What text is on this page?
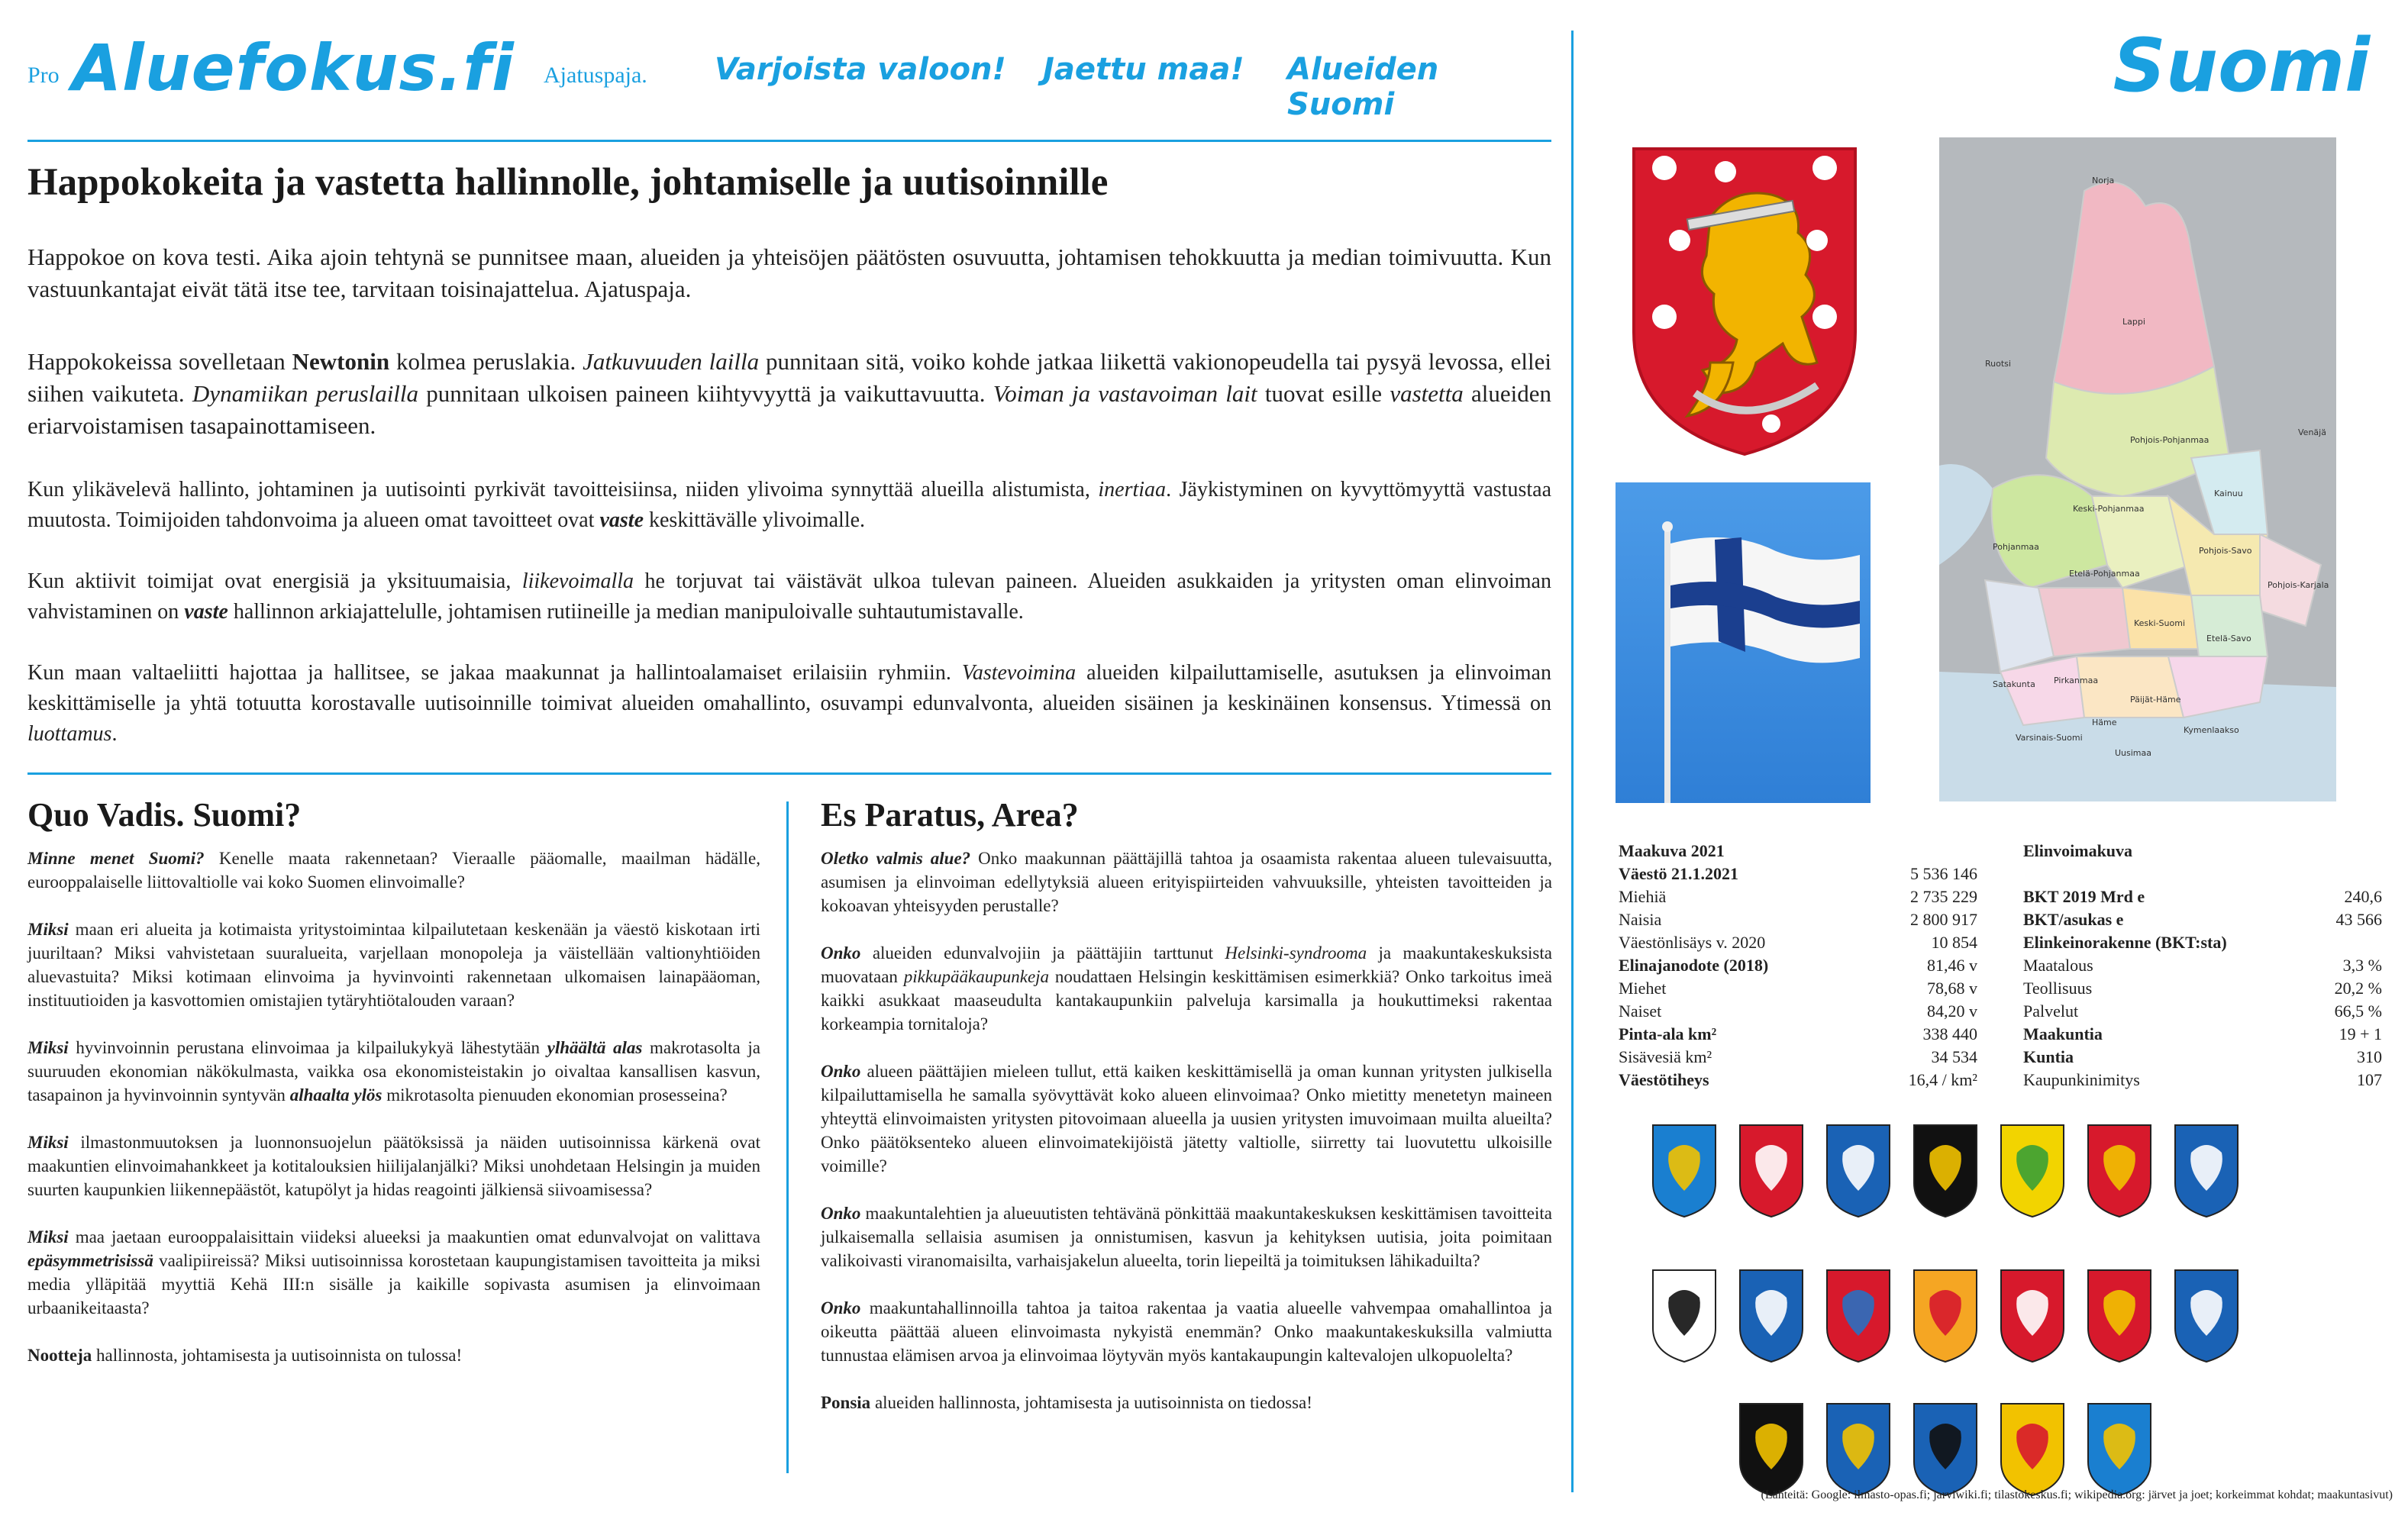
Pro Aluefokus.fi Ajatuspaja. Varjoista valoon! Jaettu maa! Alueiden Suomi	Suomi
Happokokeita ja vastetta hallinnolle, johtamiselle ja uutisoinnille

Happokoe on kova testi. Aika ajoin tehtynä se punnitsee maan, alueiden ja yhteisöjen päätösten osuvuutta, johtamisen tehokkuutta ja median toimivuutta. Kun vastuunkantajat eivät tätä itse tee, tarvitaan toisinajattelua. Ajatuspaja.

Happokokeissa sovelletaan Newtonin kolmea peruslakia. Jatkuvuuden lailla punnitaan sitä, voiko kohde jatkaa liikettä vakionopeudella tai pysyä levossa, ellei siihen vaikuteta. Dynamiikan peruslailla punnitaan ulkoisen paineen kiihtyvyyttä ja vaikuttavuutta. Voiman ja vastavoiman lait tuovat esille vastetta alueiden eriarvoistamisen tasapainottamiseen.

Kun ylikävelevä hallinto, johtaminen ja uutisointi pyrkivät tavoitteisiinsa, niiden ylivoima synnyttää alueilla alistumista, inertiaa. Jäykistyminen on kyvyttömyyttä vastustaa muutosta. Toimijoiden tahdonvoima ja alueen omat tavoitteet ovat vaste keskittävälle ylivoimalle.

Kun aktiivit toimijat ovat energisiä ja yksituumaisia, liikevoimalla he torjuvat tai väistävät ulkoa tulevan paineen. Alueiden asukkaiden ja yritysten oman elinvoiman vahvistaminen on vaste hallinnon arkiajattelulle, johtamisen rutiineille ja median manipuloivalle suhtautumistavalle.

Kun maan valtaeliitti hajottaa ja hallitsee, se jakaa maakunnat ja hallintoalamaiset erilaisiin ryhmiin. Vastevoimina alueiden kilpailuttamiselle, asutuksen ja elinvoiman keskittämiselle ja yhtä totuutta korostavalle uutisoinnille toimivat alueiden omahallinto, osuvampi edunvalvonta, alueiden sisäinen ja keskinäinen konsensus. Ytimessä on luottamus.

Quo Vadis. Suomi?

Minne menet Suomi? Kenelle maata rakennetaan? Vieraalle pääomalle, maailman hädälle, eurooppalaiselle liittovaltiolle vai koko Suomen elinvoimalle?

Miksi maan eri alueita ja kotimaista yritystoimintaa kilpailutetaan keskenään ja väestö kiskotaan irti juuriltaan? Miksi vahvistetaan suuralueita, varjellaan monopoleja ja väistellään valtionyhtiöiden aluevastuita? Miksi kotimaan elinvoima ja hyvinvointi rakennetaan ulkomaisen lainapääoman, instituutioiden ja kasvottomien omistajien tytäryhtiötalouden varaan?

Miksi hyvinvoinnin perustana elinvoimaa ja kilpailukykyä lähestytään ylhäältä alas makrotasolta ja suuruuden ekonomian näkökulmasta, vaikka osa ekonomisteistakin jo oivaltaa kansallisen kasvun, tasapainon ja hyvinvoinnin syntyvän alhaalta ylös mikrotasolta pienuuden ekonomian prosesseina?

Miksi ilmastonmuutoksen ja luonnonsuojelun päätöksissä ja näiden uutisoinnissa kärkenä ovat maakuntien elinvoimahankkeet ja kotitalouksien hiilijalanjälki? Miksi unohdetaan Helsingin ja muiden suurten kaupunkien liikennepäästöt, katupölyt ja hidas reagointi jälkiensä siivoamisessa?

Miksi maa jaetaan eurooppalaisittain viideksi alueeksi ja maakuntien omat edunvalvojat on valittava epäsymmetrisissä vaalipiireissä? Miksi uutisoinnissa korostetaan kaupungistamisen tavoitteita ja miksi media ylläpitää myyttiä Kehä III:n sisälle ja kaikille sopivasta asumisen ja elinvoimaan urbaanikeitaasta?

Nootteja hallinnosta, johtamisesta ja uutisoinnista on tulossa!

Es Paratus, Area?

Oletko valmis alue? Onko maakunnan päättäjillä tahtoa ja osaamista rakentaa alueen tulevaisuutta, asumisen ja elinvoiman edellytyksiä alueen erityispiirteiden vahvuuksille, yhteisten tavoitteiden ja kokoavan yhteisyyden perustalle?

Onko alueiden edunvalvojiin ja päättäjiin tarttunut Helsinki-syndrooma ja maakuntakeskuksista muovataan pikkupääkaupunkeja noudattaen Helsingin keskittämisen esimerkkiä? Onko tarkoitus imeä kaikki asukkaat maaseudulta kantakaupunkiin palveluja karsimalla ja houkuttimeksi rakentaa korkeampia tornitaloja?

Onko alueen päättäjien mieleen tullut, että kaiken keskittämisellä ja oman kunnan yritysten julkisella kilpailuttamisella he samalla syövyttävät koko alueen elinvoimaa? Onko mietitty menetetyn maineen yhteyttä elinvoimaisten yritysten pitovoimaan alueella ja uusien yritysten imuvoimaan muilta alueilta? Onko päätöksenteko alueen elinvoimatekijöistä jätetty valtiolle, siirretty tai luovutettu ulkoisille voimille?

Onko maakuntalehtien ja alueuutisten tehtävänä pönkittää maakuntakeskuksen keskittämisen tavoitteita julkaisemalla sellaisia asumisen ja onnistumisen, kasvun ja kehityksen uutisia, joita poimitaan valikoivasti viranomaisilta, varhaisjakelun alueelta, torin liepeiltä ja toimituksen lähikaduilta?

Onko maakuntahallinnoilla tahtoa ja taitoa rakentaa ja vaatia alueelle vahvempaa omahallintoa ja oikeutta päättää alueen elinvoimasta nykyistä enemmän? Onko maakuntakeskuksilla valmiutta tunnustaa elämisen arvoa ja elinvoimaa löytyvän myös kantakaupungin kaltevalojen ulkopuolelta?

Ponsia alueiden hallinnosta, johtamisesta ja uutisoinnista on tiedossa!

Norja
Lappi
Ruotsi
Venäjä
Pohjois-Pohjanmaa
Kainuu
Keski-Pohjanmaa
Pohjanmaa
Etelä-Pohjanmaa
Pohjois-Savo
Pohjois-Karjala
Keski-Suomi
Etelä-Savo
Satakunta Pirkanmaa
Varsinais-Suomi
Häme
Uusimaa
Kymenlaakso
Päijät-Häme
Maakuva 2021
Väestö 21.1.2021	5 536 146
Miehiä	2 735 229
Naisia	2 800 917
Väestönlisäys v. 2020	10 854
Elinajanodote (2018)	81,46 v
Miehet	78,68 v
Naiset	84,20 v
Pinta-ala km²	338 440
Sisävesiä km²	34 534
Väestötiheys	16,4 / km²
Elinvoimakuva
BKT 2019 Mrd e	240,6
BKT/asukas e	43 566
Elinkeinorakenne (BKT:sta)
Maatalous	3,3 %
Teollisuus	20,2 %
Palvelut	66,5 %
Maakuntia	19 + 1
Kuntia	310
Kaupunkinimitys	107
(Lähteitä: Google: ilmasto-opas.fi; jarviwiki.fi; tilastokeskus.fi; wikipedia.org: järvet ja joet; korkeimmat kohdat; maakuntasivut)
